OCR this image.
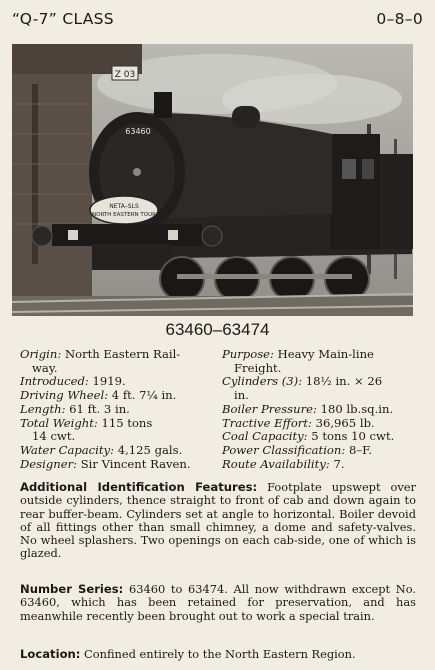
“Q-7” CLASS	0–8–0
Z 03
63460
NETA–SLS
NORTH EASTERN TOUR
63460–63474
Origin: North Eastern Rail-
way.
Introduced: 1919.
Driving Wheel: 4 ft. 7¼ in.
Length: 61 ft. 3 in.
Total Weight: 115 tons
14 cwt.
Water Capacity: 4,125 gals.
Designer: Sir Vincent Raven.
Purpose: Heavy Main-line
Freight.
Cylinders (3): 18½ in. × 26
in.
Boiler Pressure: 180 lb.sq.in.
Tractive Effort: 36,965 lb.
Coal Capacity: 5 tons 10 cwt.
Power Classification: 8–F.
Route Availability: 7.
Additional Identification Features: Footplate upswept over outside cylinders, thence straight to front of cab and down again to rear buffer-beam. Cylinders set at angle to horizontal. Boiler devoid of all fittings other than small chimney, a dome and safety-valves. No wheel splashers. Two openings on each cab-side, one of which is glazed.
Number Series: 63460 to 63474. All now withdrawn except No. 63460, which has been retained for preservation, and has meanwhile recently been brought out to work a special train.
Location: Confined entirely to the North Eastern Region.
